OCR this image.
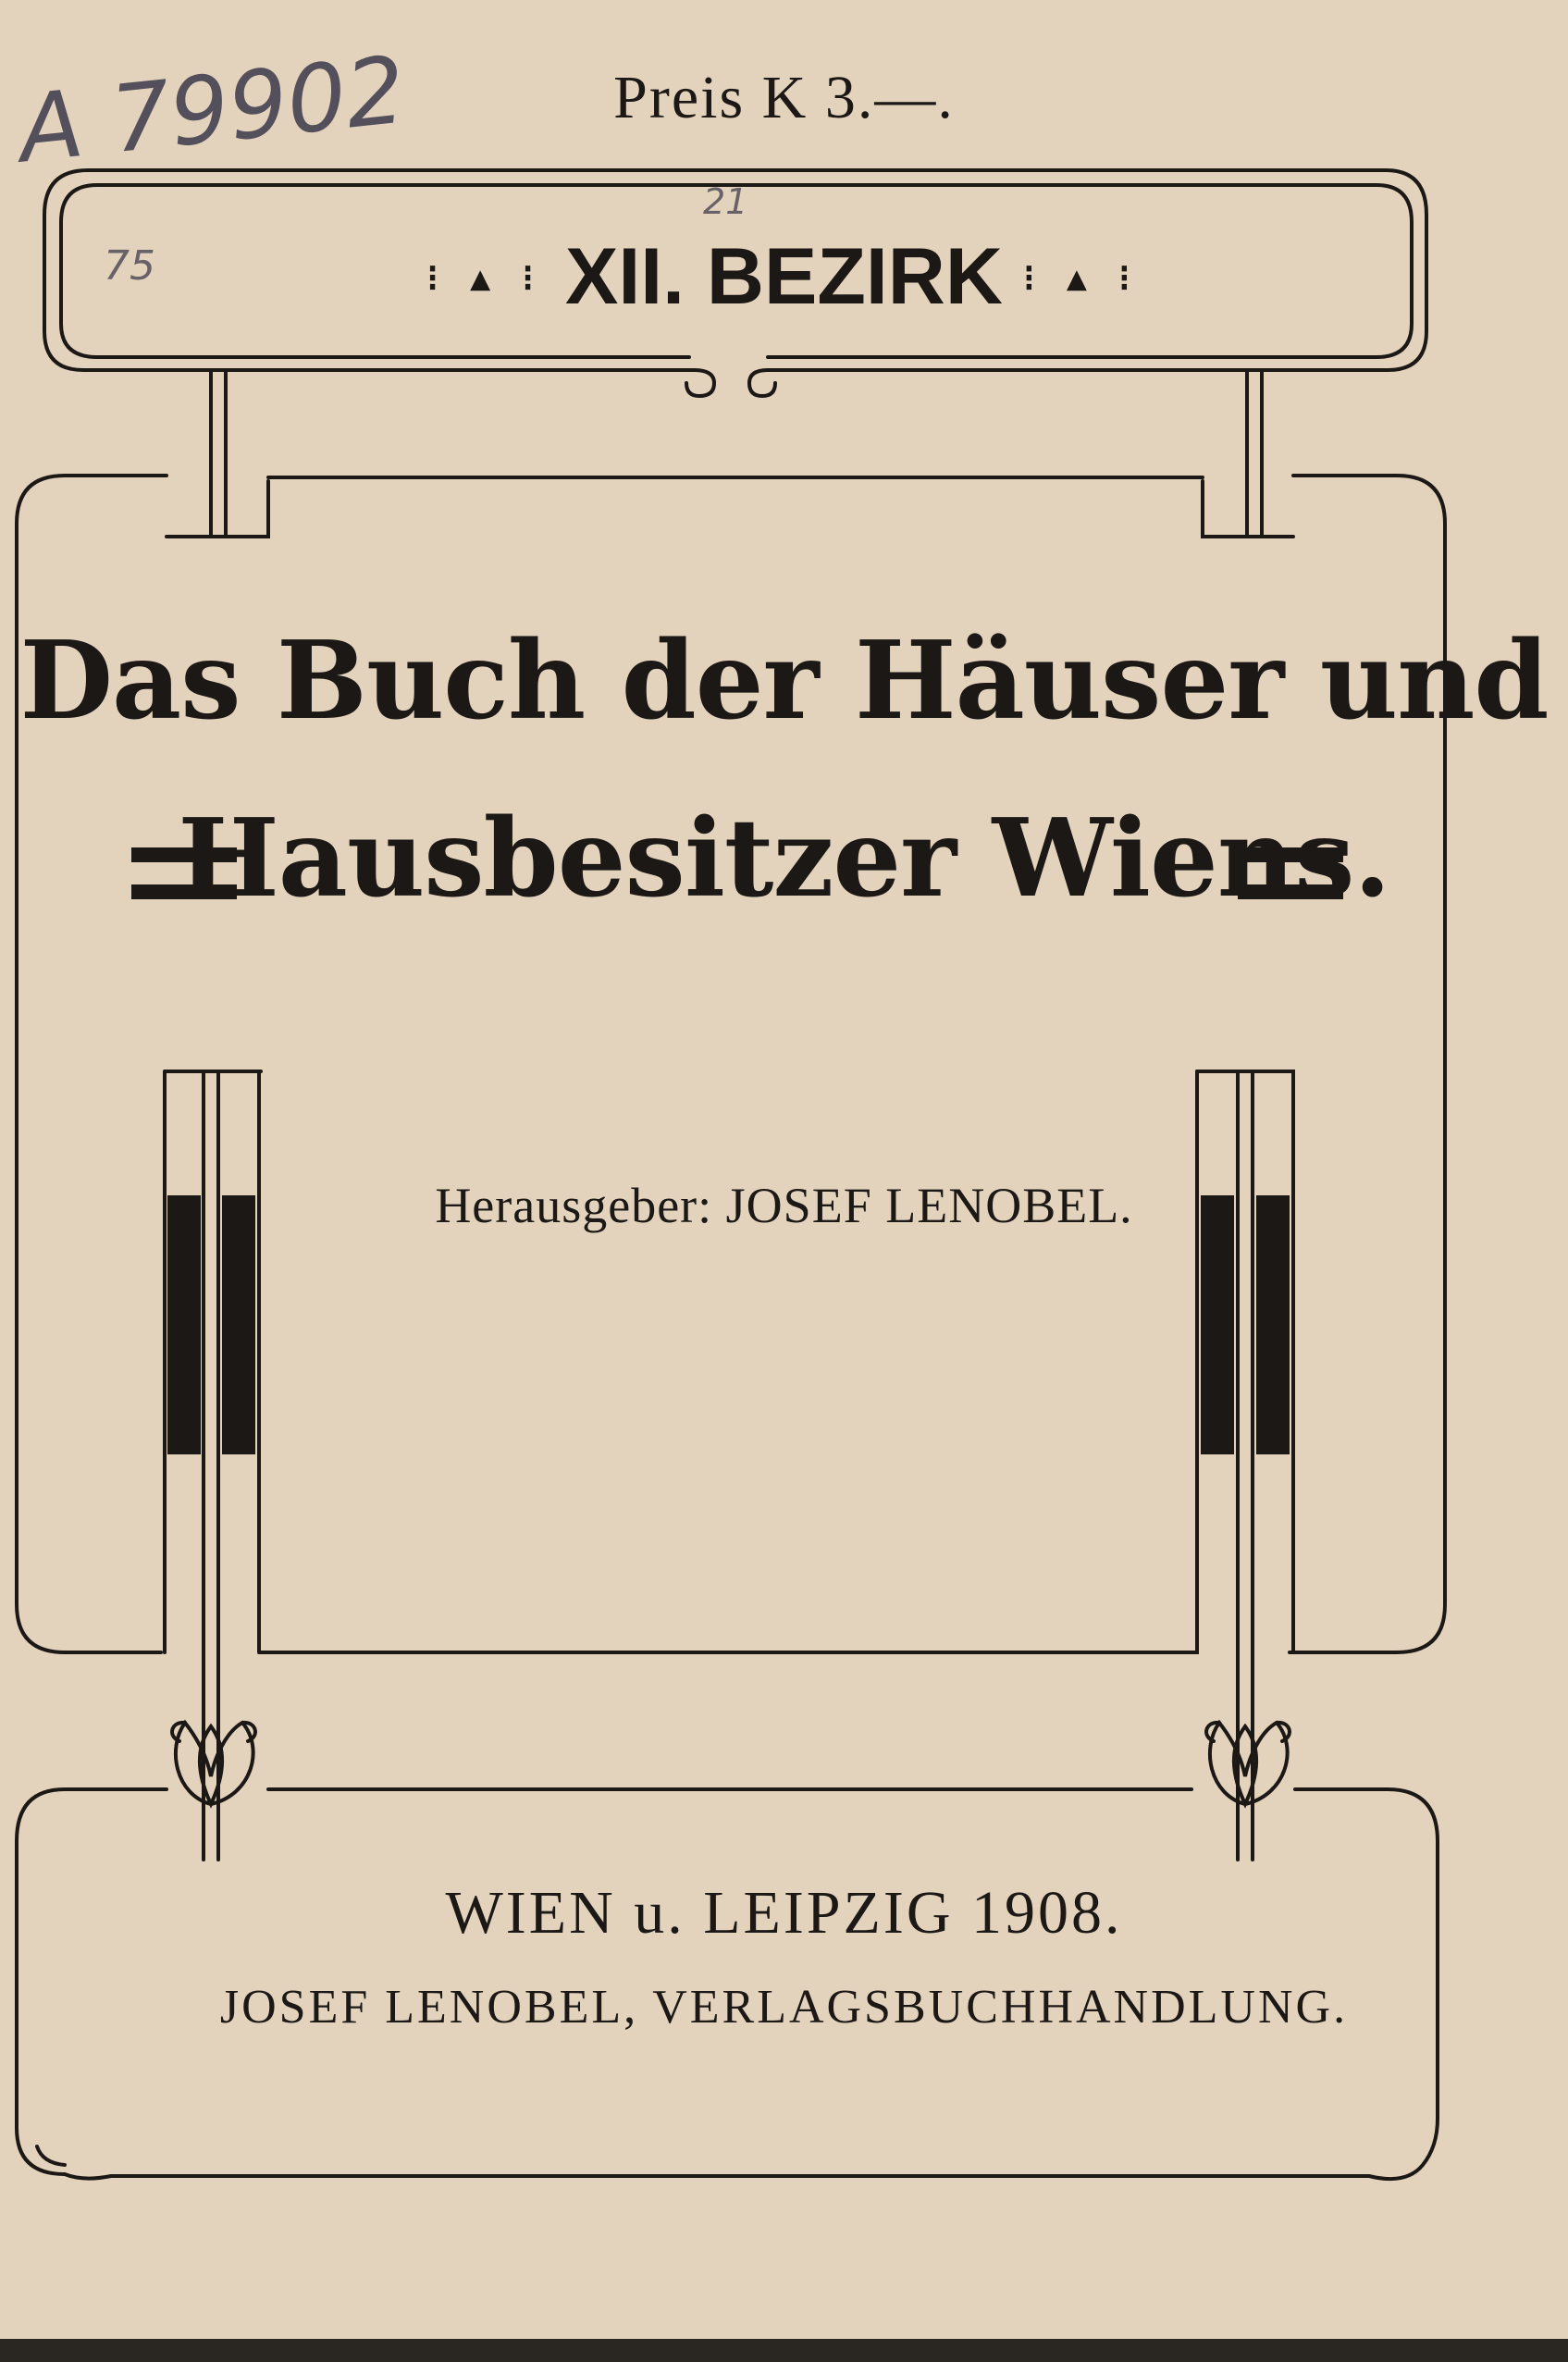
A 79902
75
21
Preis K 3.—.
⁝ ▴ ⁝ XII. BEZIRK ⁝ ▴ ⁝
Das Buch der Häuser und
Hausbesitzer Wiens.
Herausgeber: JOSEF LENOBEL.
WIEN u. LEIPZIG 1908.
JOSEF LENOBEL, VERLAGSBUCHHANDLUNG.
